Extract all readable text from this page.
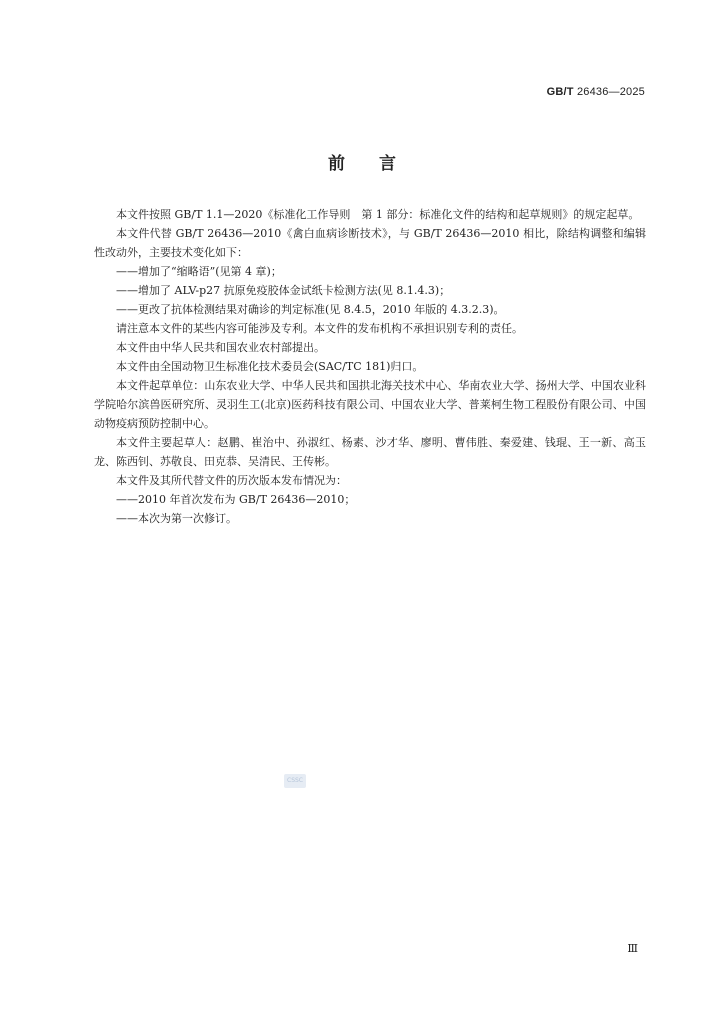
GB/T 26436—2025
前言

本文件按照 GB/T 1.1—2020《标准化工作导则　第 1 部分：标准化文件的结构和起草规则》的规定起草。

本文件代替 GB/T 26436—2010《禽白血病诊断技术》，与 GB/T 26436—2010 相比，除结构调整和编辑性改动外，主要技术变化如下：

——增加了“缩略语”(见第 4 章)；

——增加了 ALV-p27 抗原免疫胶体金试纸卡检测方法(见 8.1.4.3)；

——更改了抗体检测结果对确诊的判定标准(见 8.4.5，2010 年版的 4.3.2.3)。

请注意本文件的某些内容可能涉及专利。本文件的发布机构不承担识别专利的责任。

本文件由中华人民共和国农业农村部提出。

本文件由全国动物卫生标准化技术委员会(SAC/TC 181)归口。

本文件起草单位：山东农业大学、中华人民共和国拱北海关技术中心、华南农业大学、扬州大学、中国农业科学院哈尔滨兽医研究所、灵羽生工(北京)医药科技有限公司、中国农业大学、普莱柯生物工程股份有限公司、中国动物疫病预防控制中心。

本文件主要起草人：赵鹏、崔治中、孙淑红、杨素、沙才华、廖明、曹伟胜、秦爱建、钱琨、王一新、高玉龙、陈西钊、苏敬良、田克恭、吴清民、王传彬。

本文件及其所代替文件的历次版本发布情况为：

——2010 年首次发布为 GB/T 26436—2010；

——本次为第一次修订。

CSSC
Ⅲ
